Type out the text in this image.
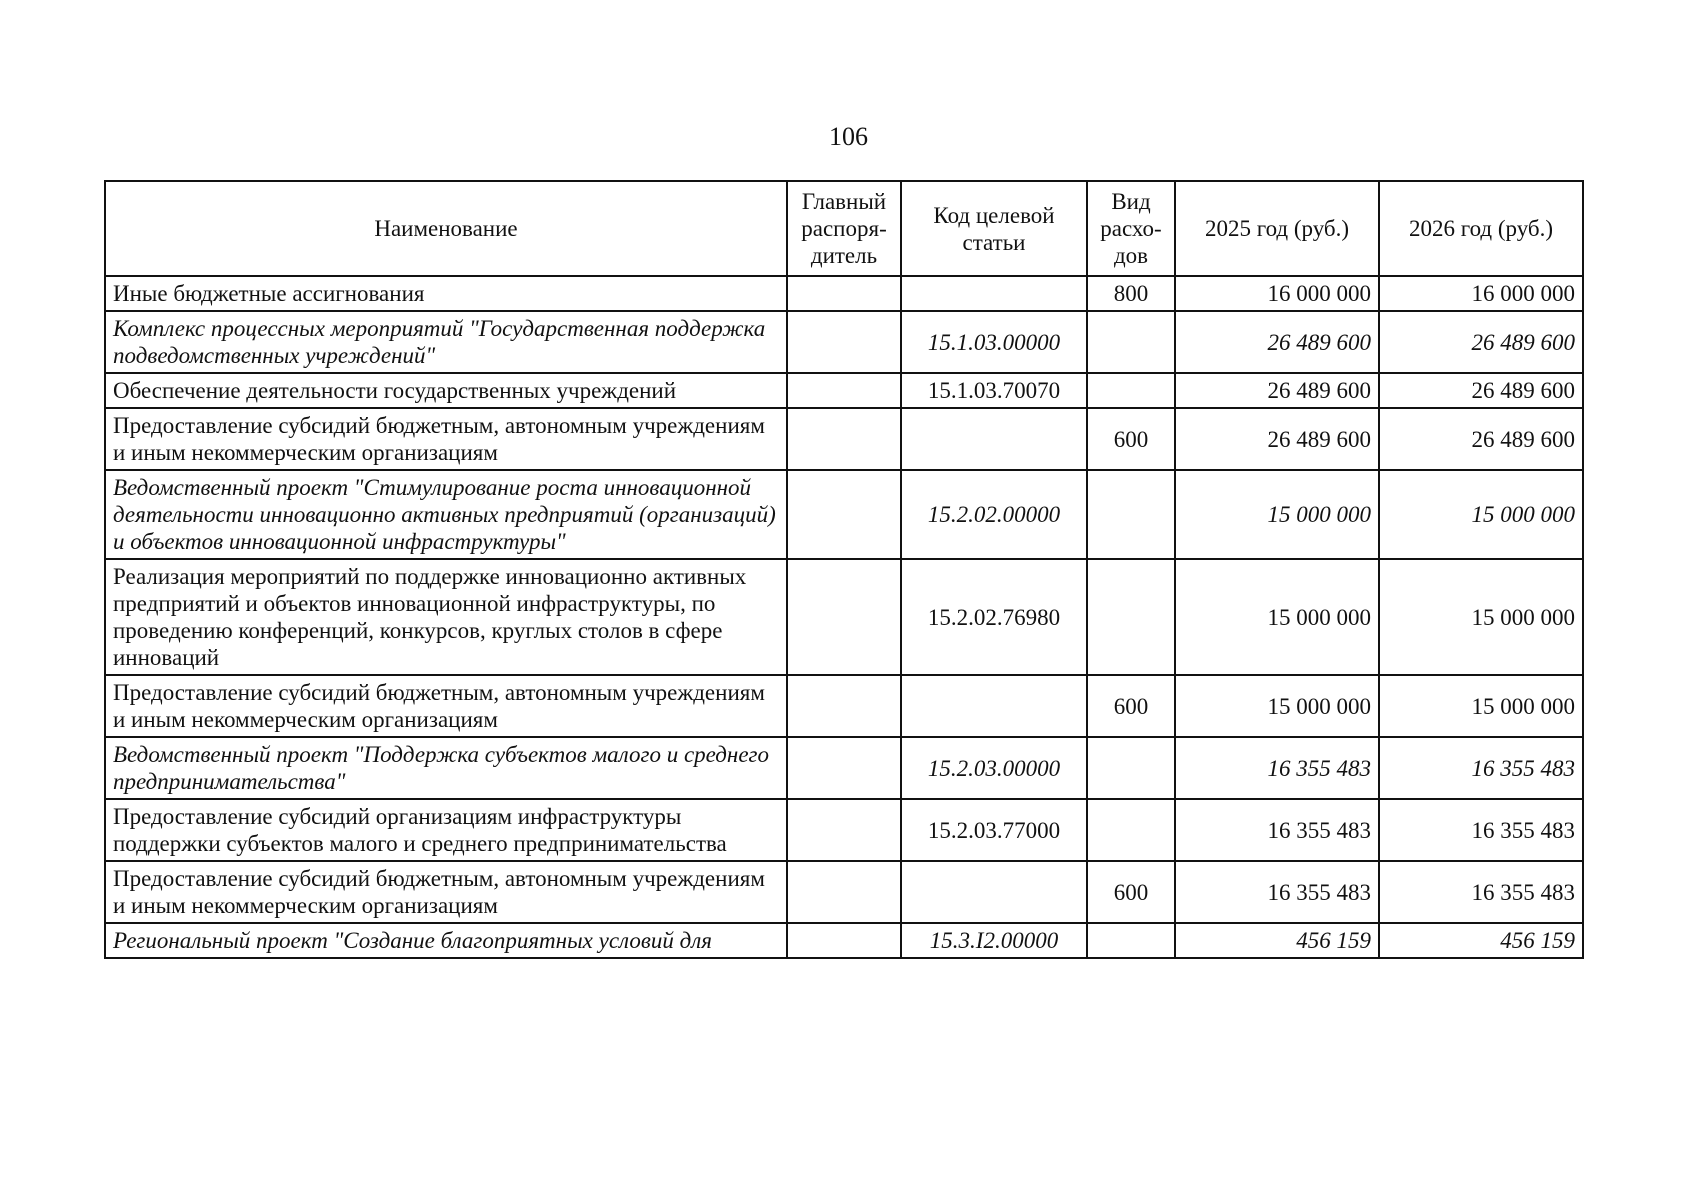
106
Наименование	Главный распоря-дитель	Код целевой статьи	Вид расхо-дов	2025 год (руб.)	2026 год (руб.)
Иные бюджетные ассигнования			800	16 000 000	16 000 000
Комплекс процессных мероприятий "Государственная поддержка подведомственных учреждений"		15.1.03.00000		26 489 600	26 489 600
Обеспечение деятельности государственных учреждений		15.1.03.70070		26 489 600	26 489 600
Предоставление субсидий бюджетным, автономным учреждениям и иным некоммерческим организациям			600	26 489 600	26 489 600
Ведомственный проект "Стимулирование роста инновационной деятельности инновационно активных предприятий (организаций) и объектов инновационной инфраструктуры"		15.2.02.00000		15 000 000	15 000 000
Реализация мероприятий по поддержке инновационно активных предприятий и объектов инновационной инфраструктуры, по проведению конференций, конкурсов, круглых столов в сфере инноваций		15.2.02.76980		15 000 000	15 000 000
Предоставление субсидий бюджетным, автономным учреждениям и иным некоммерческим организациям			600	15 000 000	15 000 000
Ведомственный проект "Поддержка субъектов малого и среднего предпринимательства"		15.2.03.00000		16 355 483	16 355 483
Предоставление субсидий организациям инфраструктуры поддержки субъектов малого и среднего предпринимательства		15.2.03.77000		16 355 483	16 355 483
Предоставление субсидий бюджетным, автономным учреждениям и иным некоммерческим организациям			600	16 355 483	16 355 483
Региональный проект "Создание благоприятных условий для		15.3.I2.00000		456 159	456 159
